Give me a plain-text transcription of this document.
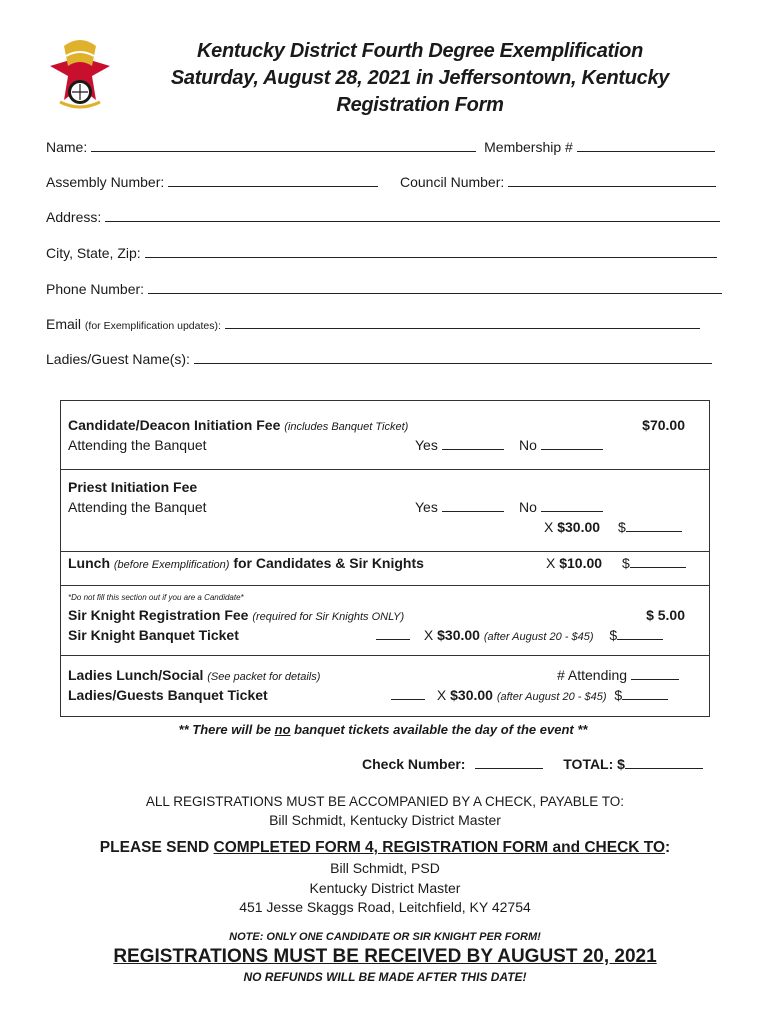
Kentucky District Fourth Degree Exemplification
Saturday, August 28, 2021 in Jeffersontown, Kentucky
Registration Form
Name:	Membership #
Assembly Number:	Council Number:
Address:
City, State, Zip:
Phone Number:
Email (for Exemplification updates):
Ladies/Guest Name(s):
Candidate/Deacon Initiation Fee (includes Banquet Ticket)	$70.00
Attending the Banquet	Yes	No
Priest Initiation Fee
Attending the Banquet	Yes	No
X $30.00 $
Lunch (before Exemplification) for Candidates & Sir Knights	X $10.00 $
*Do not fill this section out if you are a Candidate*
Sir Knight Registration Fee (required for Sir Knights ONLY)	$ 5.00
Sir Knight Banquet Ticket	X $30.00 (after August 20 - $45) $
Ladies Lunch/Social (See packet for details)	# Attending
Ladies/Guests Banquet Ticket	X $30.00 (after August 20 - $45) $
** There will be no banquet tickets available the day of the event **
Check Number:	TOTAL: $
ALL REGISTRATIONS MUST BE ACCOMPANIED BY A CHECK, PAYABLE TO:
Bill Schmidt, Kentucky District Master
PLEASE SEND COMPLETED FORM 4, REGISTRATION FORM and CHECK TO:
Bill Schmidt, PSD
Kentucky District Master
451 Jesse Skaggs Road, Leitchfield, KY 42754
NOTE: ONLY ONE CANDIDATE OR SIR KNIGHT PER FORM!
REGISTRATIONS MUST BE RECEIVED BY AUGUST 20, 2021
NO REFUNDS WILL BE MADE AFTER THIS DATE!
